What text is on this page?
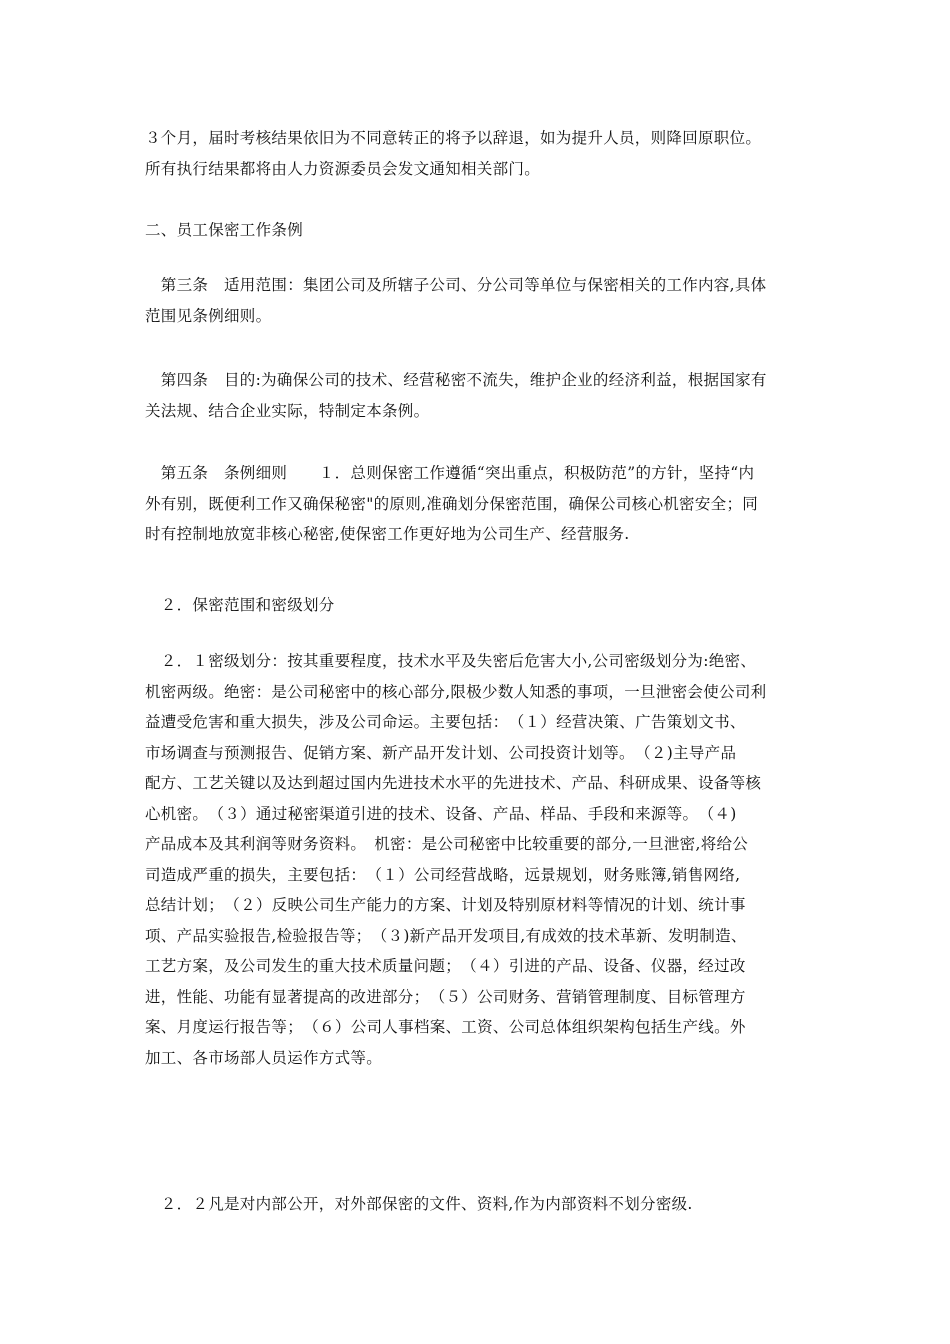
３个月，届时考核结果依旧为不同意转正的将予以辞退，如为提升人员，则降回原职位。
所有执行结果都将由人力资源委员会发文通知相关部门。
二、员工保密工作条例
　第三条　适用范围：集团公司及所辖子公司、分公司等单位与保密相关的工作内容,具体
范围见条例细则。
　第四条　目的:为确保公司的技术、经营秘密不流失，维护企业的经济利益，根据国家有
关法规、结合企业实际，特制定本条例。
　第五条　条例细则　　１．总则保密工作遵循“突出重点，积极防范”的方针，坚持“内
外有别，既便利工作又确保秘密"的原则,准确划分保密范围，确保公司核心机密安全；同
时有控制地放宽非核心秘密,使保密工作更好地为公司生产、经营服务.
　２．保密范围和密级划分
　２．１密级划分：按其重要程度，技术水平及失密后危害大小,公司密级划分为:绝密、
机密两级。绝密：是公司秘密中的核心部分,限极少数人知悉的事项，一旦泄密会使公司利
益遭受危害和重大损失，涉及公司命运。主要包括：　（１）经营决策、广告策划文书、
市场调查与预测报告、促销方案、新产品开发计划、公司投资计划等。　（２)主导产品
配方、工艺关键以及达到超过国内先进技术水平的先进技术、产品、科研成果、设备等核
心机密。　（３）通过秘密渠道引进的技术、设备、产品、样品、手段和来源等。　（４)
产品成本及其利润等财务资料。　机密：是公司秘密中比较重要的部分,一旦泄密,将给公
司造成严重的损失，主要包括：　（１）公司经营战略，远景规划，财务账簿,销售网络,
总结计划；　（２）反映公司生产能力的方案、计划及特别原材料等情况的计划、统计事
项、产品实验报告,检验报告等；　（３)新产品开发项目,有成效的技术革新、发明制造、
工艺方案，及公司发生的重大技术质量问题；　（４）引进的产品、设备、仪器，经过改
进，性能、功能有显著提高的改进部分；　（５）公司财务、营销管理制度、目标管理方
案、月度运行报告等；　（６）公司人事档案、工资、公司总体组织架构包括生产线。外
加工、各市场部人员运作方式等。
　２．２凡是对内部公开，对外部保密的文件、资料,作为内部资料不划分密级.
